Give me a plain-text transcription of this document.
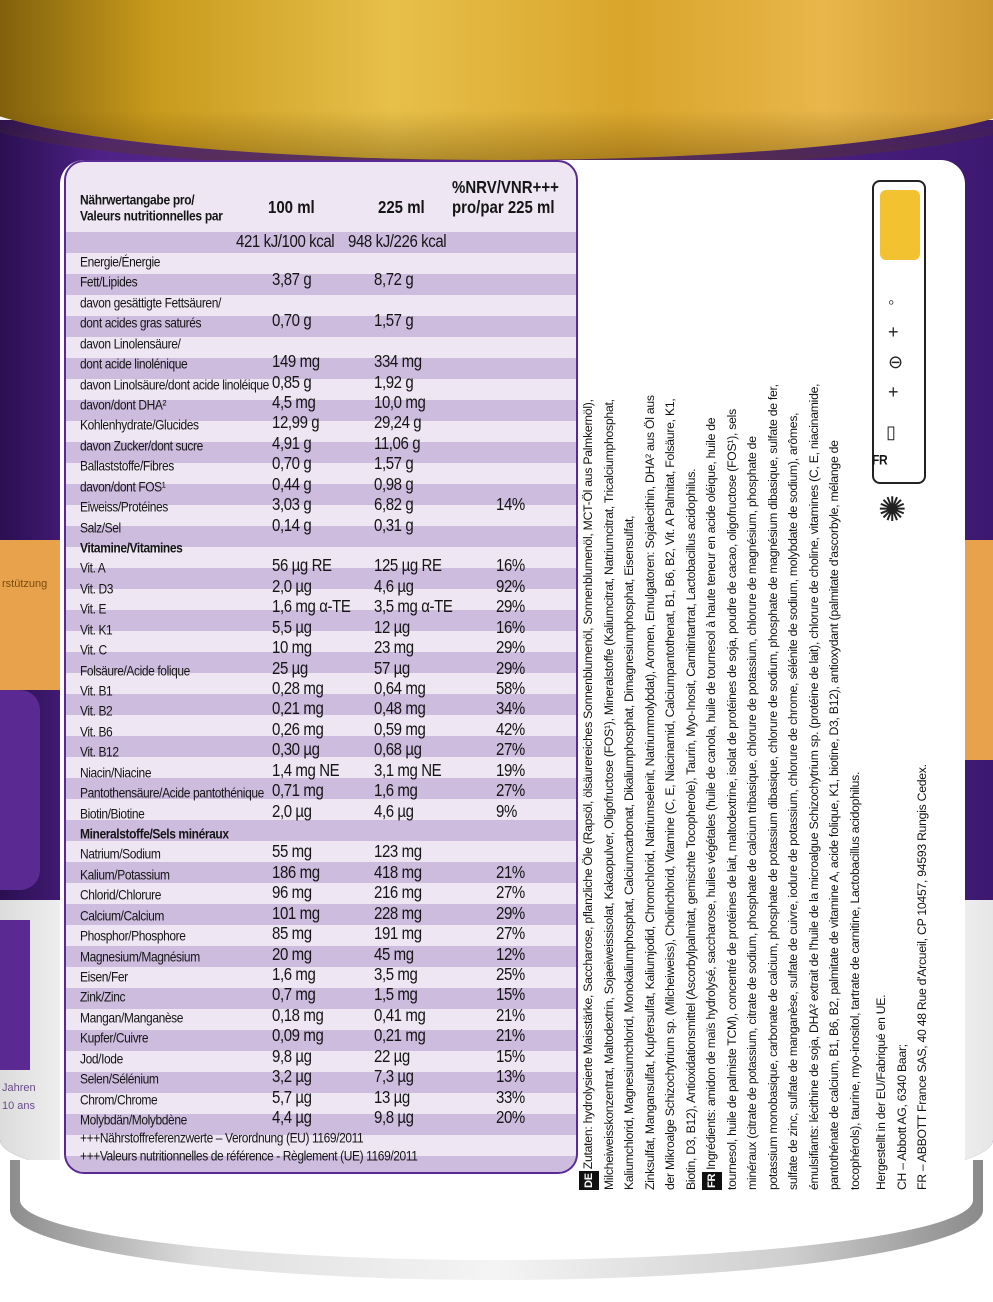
rstützung
Jahren
10 ans
Nährwertangabe pro/
Valeurs nutritionnelles par	100 ml	225 ml
%NRV/VNR+++
pro/par 225 ml
421 kJ/100 kcal 948 kJ/226 kcal
Energie/Énergie
Fett/Lipides	3,87 g	8,72 g
davon gesättigte Fettsäuren/
dont acides gras saturés	0,70 g	1,57 g
davon Linolensäure/
dont acide linolénique	149 mg	334 mg
davon Linolsäure/dont acide linoléique 0,85 g	1,92 g
davon/dont DHA²	4,5 mg	10,0 mg
Kohlenhydrate/Glucides	12,99 g	29,24 g
davon Zucker/dont sucre	4,91 g	11,06 g
Ballaststoffe/Fibres	0,70 g	1,57 g
davon/dont FOS¹	0,44 g	0,98 g
Eiweiss/Protéines	3,03 g	6,82 g	14%
Salz/Sel	0,14 g	0,31 g
Vitamine/Vitamines
Vit. A	56 µg RE	125 µg RE	16%
Vit. D3	2,0 µg	4,6 µg	92%
Vit. E	1,6 mg α-TE 3,5 mg α-TE	29%
Vit. K1	5,5 µg	12 µg	16%
Vit. C	10 mg	23 mg	29%
Folsäure/Acide folique	25 µg	57 µg	29%
Vit. B1	0,28 mg	0,64 mg	58%
Vit. B2	0,21 mg	0,48 mg	34%
Vit. B6	0,26 mg	0,59 mg	42%
Vit. B12	0,30 µg	0,68 µg	27%
Niacin/Niacine	1,4 mg NE 3,1 mg NE	19%
Pantothensäure/Acide pantothénique 0,71 mg	1,6 mg	27%
Biotin/Biotine	2,0 µg	4,6 µg	9%
Mineralstoffe/Sels minéraux
Natrium/Sodium	55 mg	123 mg
Kalium/Potassium	186 mg	418 mg	21%
Chlorid/Chlorure	96 mg	216 mg	27%
Calcium/Calcium	101 mg	228 mg	29%
Phosphor/Phosphore	85 mg	191 mg	27%
Magnesium/Magnésium	20 mg	45 mg	12%
Eisen/Fer	1,6 mg	3,5 mg	25%
Zink/Zinc	0,7 mg	1,5 mg	15%
Mangan/Manganèse	0,18 mg	0,41 mg	21%
Kupfer/Cuivre	0,09 mg	0,21 mg	21%
Jod/Iode	9,8 µg	22 µg	15%
Selen/Sélénium	3,2 µg	7,3 µg	13%
Chrom/Chrome	5,7 µg	13 µg	33%
Molybdän/Molybdène	4,4 µg	9,8 µg	20%
+++Nährstoffreferenzwerte – Verordnung (EU) 1169/2011
+++Valeurs nutritionnelles de référence - Règlement (UE) 1169/2011
DEZutaten: hydrolysierte Maisstärke, Saccharose, pflanzliche Öle (Rapsöl, ölsäurereiches Sonnenblumenöl, Sonnenblumenöl, MCT-Öl aus Palmkernöl), Milcheiweisskonzentrat, Maltodextrin, Sojaeiweissisolat, Kakaopulver, Oligofructose (FOS¹), Mineralstoffe (Kaliumcitrat, Natriumcitrat, Tricalciumphosphat, Kaliumchlorid, Magnesiumchlorid, Monokaliumphosphat, Calciumcarbonat, Dikaliumphosphat, Dimagnesiumphosphat, Eisensulfat, Zinksulfat, Mangansulfat, Kupfersulfat, Kaliumjodid, Chromchlorid, Natriumselenit, Natriummolybdat), Aromen, Emulgatoren: Sojalecithin, DHA² aus Öl aus der Mikroalge Schizochytrium sp. (Milcheiweiss), Cholinchlorid, Vitamine (C, E, Niacinamid, Calciumpantothenat, B1, B6, B2, Vit. A Palmitat, Folsäure, K1, Biotin, D3, B12), Antioxidationsmittel (Ascorbylpalmitat, gemischte Tocopherole), Taurin, Myo-Inosit, Carnitintartrat, Lactobacillus acidophilus. FRIngrédients: amidon de maïs hydrolysé, saccharose, huiles végétales (huile de canola, huile de tournesol à haute teneur en acide oléique, huile de tournesol, huile de palmiste TCM), concentré de protéines de lait, maltodextrine, isolat de protéines de soja, poudre de cacao, oligofructose (FOS¹), sels minéraux (citrate de potassium, citrate de sodium, phosphate de calcium tribasique, chlorure de potassium, chlorure de magnésium, phosphate de potassium monobasique, carbonate de calcium, phosphate de potassium dibasique, chlorure de sodium, phosphate de magnésium dibasique, sulfate de fer, sulfate de zinc, sulfate de manganèse, sulfate de cuivre, iodure de potassium, chlorure de chrome, sélénite de sodium, molybdate de sodium), arômes, émulsifiants: lécithine de soja, DHA² extrait de l'huile de la microalgue Schizochytrium sp. (protéine de lait), chlorure de choline, vitamines (C, E, niacinamide, pantothénate de calcium, B1, B6, B2, palmitate de vitamine A, acide folique, K1, biotine, D3, B12), antioxydant (palmitate d'ascorbyle, mélange de tocophérols), taurine, myo-inositol, tartrate de carnitine, Lactobacillus acidophilus. Hergestellt in der EU/Fabriqué en UE. CH – Abbott AG, 6340 Baar; FR – ABBOTT France SAS, 40 48 Rue d'Arcueil, CP 10457, 94593 Rungis Cedex.
◦
+
⊖
+
▯
FR
✺
